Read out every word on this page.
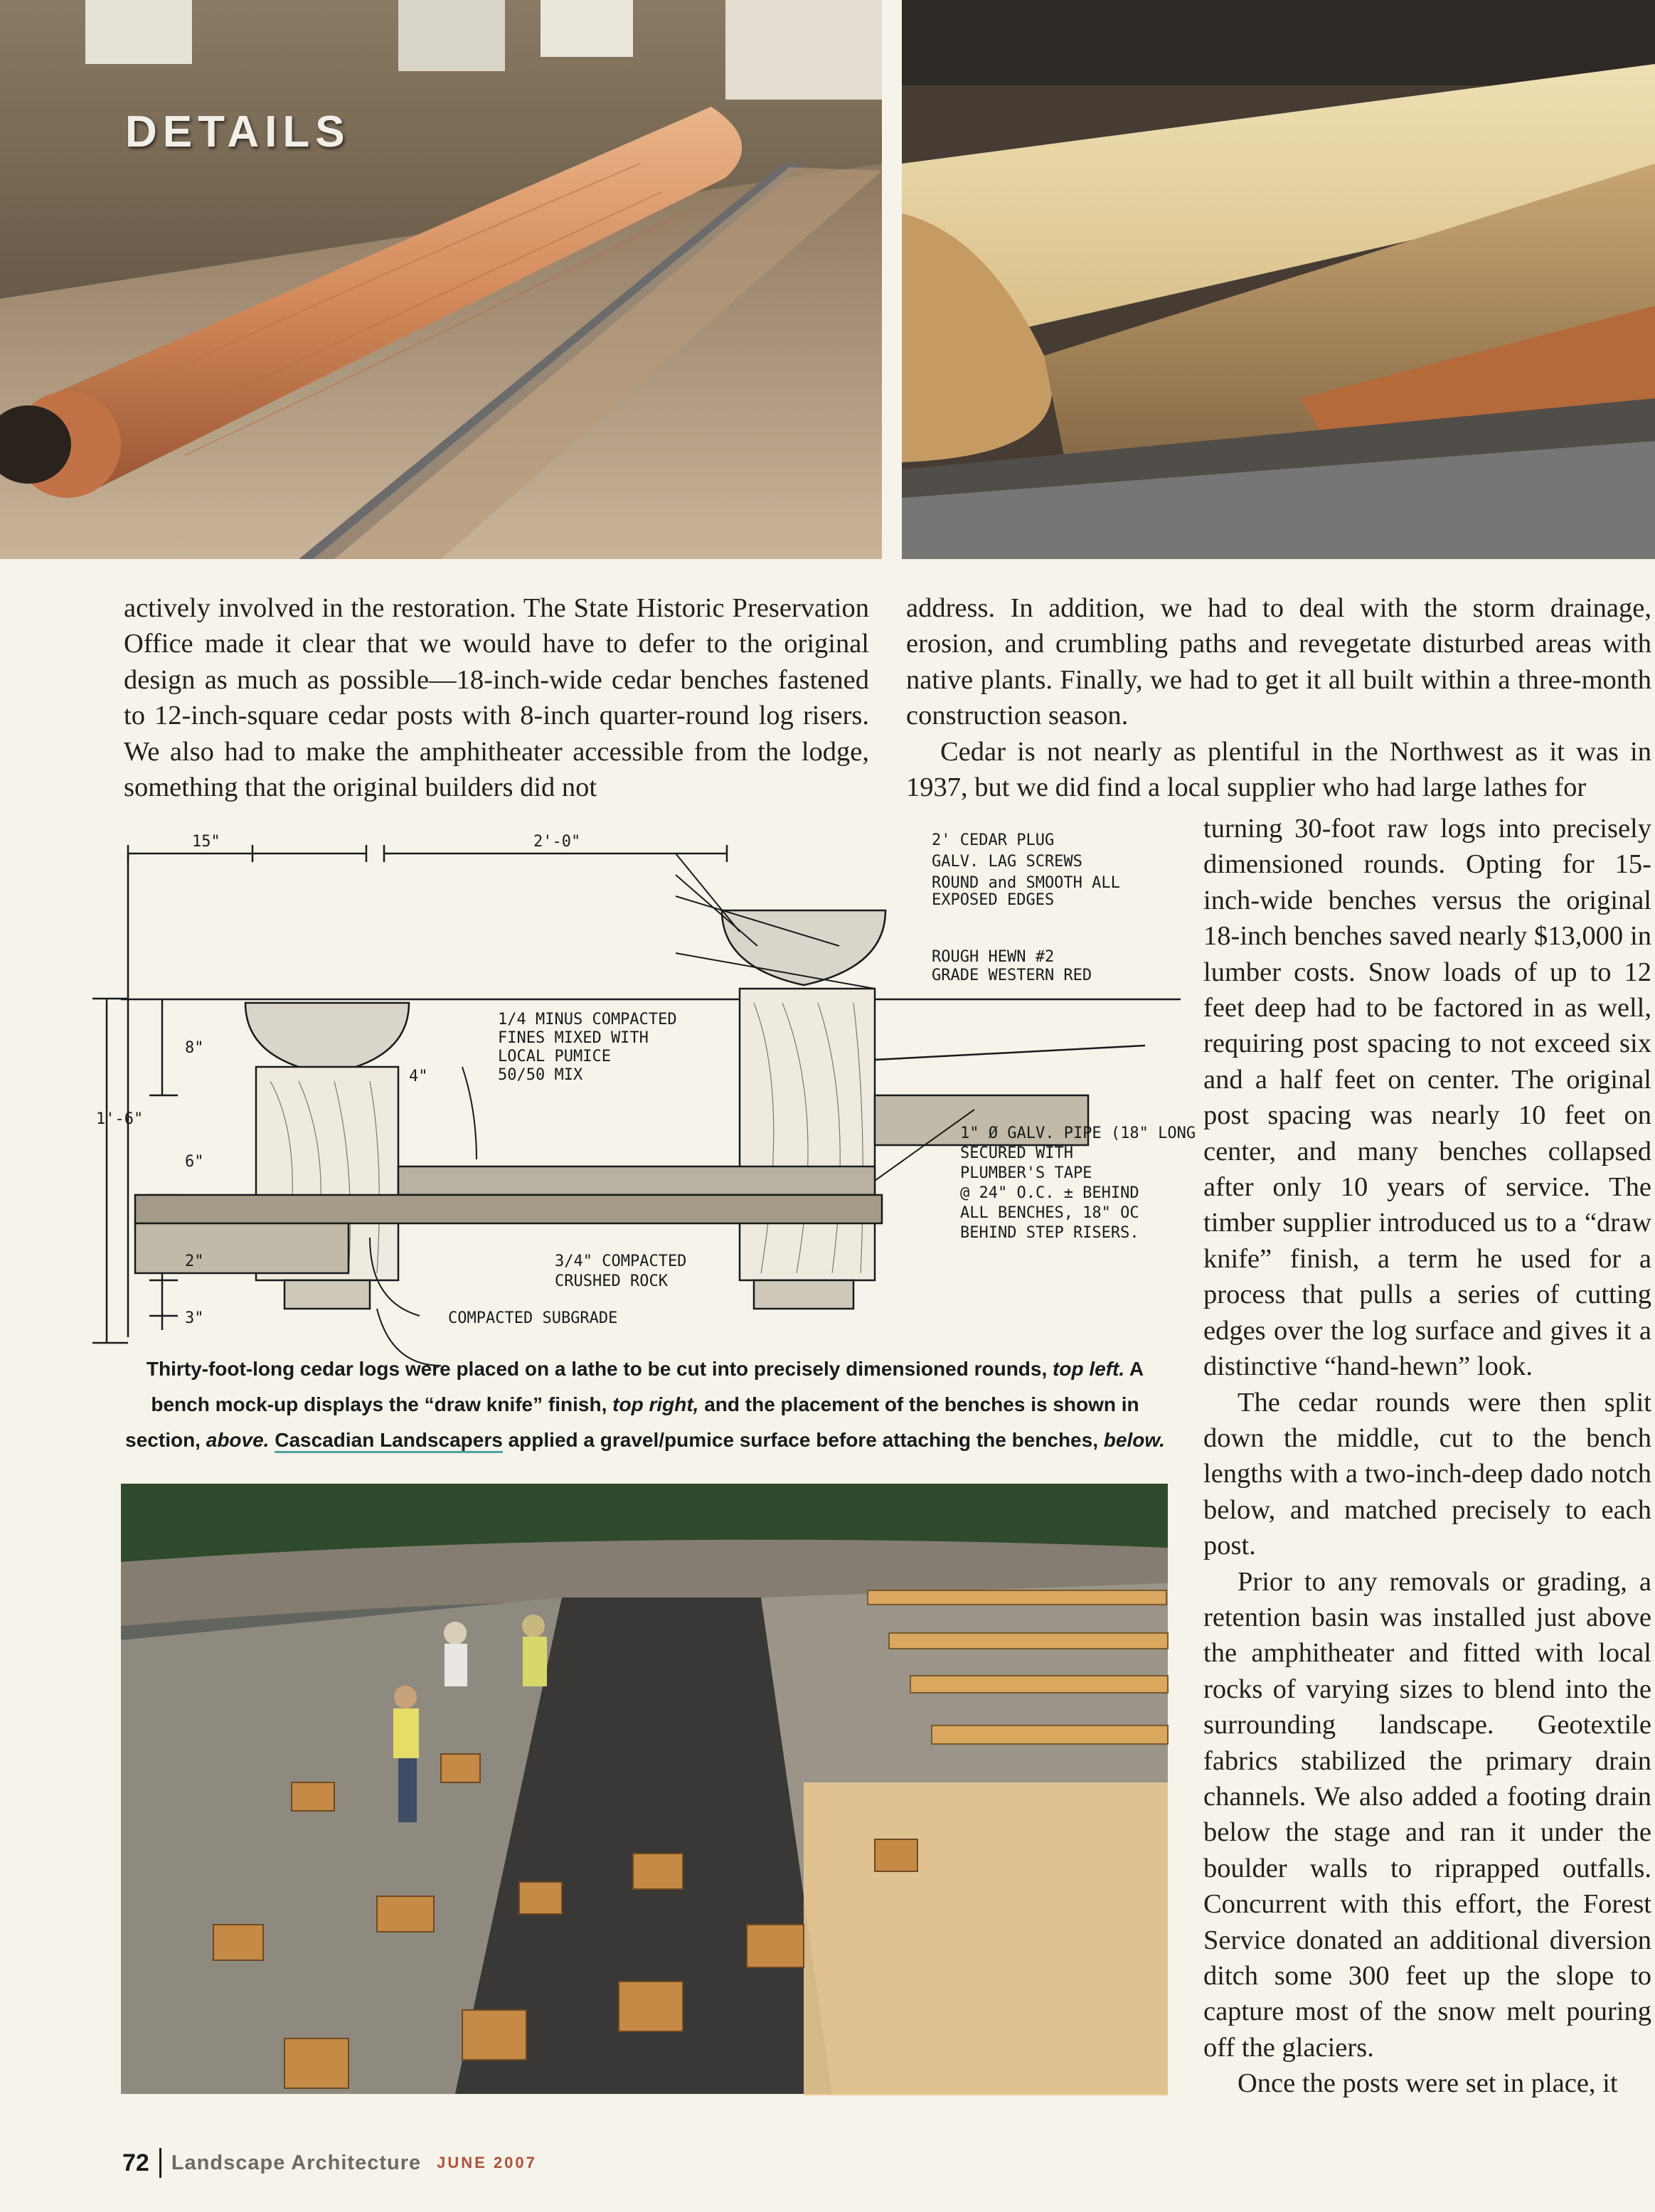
DETAILS

actively involved in the restoration. The State Historic Preservation Office made it clear that we would have to defer to the original design as much as possible—18-inch-wide cedar benches fastened to 12-inch-square cedar posts with 8-inch quarter-round log risers. We also had to make the amphitheater accessible from the lodge, something that the original builders did not

address. In addition, we had to deal with the storm drainage, erosion, and crumbling paths and revegetate disturbed areas with native plants. Finally, we had to get it all built within a three-month construction season.

Cedar is not nearly as plentiful in the Northwest as it was in 1937, but we did find a local supplier who had large lathes for

turning 30-foot raw logs into precisely dimensioned rounds. Opting for 15-inch-wide benches versus the original 18-inch benches saved nearly $13,000 in lumber costs. Snow loads of up to 12 feet deep had to be factored in as well, requiring post spacing to not exceed six and a half feet on center. The original post spacing was nearly 10 feet on center, and many benches collapsed after only 10 years of service. The timber supplier introduced us to a “draw knife” finish, a term he used for a process that pulls a series of cutting edges over the log surface and gives it a distinctive “hand-hewn” look.

The cedar rounds were then split down the middle, cut to the bench lengths with a two-inch-deep dado notch below, and matched precisely to each post.

Prior to any removals or grading, a retention basin was installed just above the amphitheater and fitted with local rocks of varying sizes to blend into the surrounding landscape. Geotextile fabrics stabilized the primary drain channels. We also added a footing drain below the stage and ran it under the boulder walls to riprapped outfalls. Concurrent with this effort, the Forest Service donated an additional diversion ditch some 300 feet up the slope to capture most of the snow melt pouring off the glaciers.

Once the posts were set in place, it

15"	2'-0"
8"
4"
1'-6"
6"
2"
3"
2' CEDAR PLUG
GALV. LAG SCREWS
ROUND and SMOOTH ALL
EXPOSED EDGES
ROUGH HEWN #2
GRADE WESTERN RED
1/4 MINUS COMPACTED
FINES MIXED WITH
LOCAL PUMICE
50/50 MIX
1" Ø GALV. PIPE (18" LONG
SECURED WITH
PLUMBER'S TAPE
@ 24" O.C. ± BEHIND
ALL BENCHES, 18" OC
BEHIND STEP RISERS.
3/4" COMPACTED
CRUSHED ROCK
COMPACTED SUBGRADE
Thirty-foot-long cedar logs were placed on a lathe to be cut into precisely dimensioned rounds, top left. A bench mock-up displays the “draw knife” finish, top right, and the placement of the benches is shown in section, above. Cascadian Landscapers applied a gravel/pumice surface before attaching the benches, below.
72 Landscape Architecture JUNE 2007
